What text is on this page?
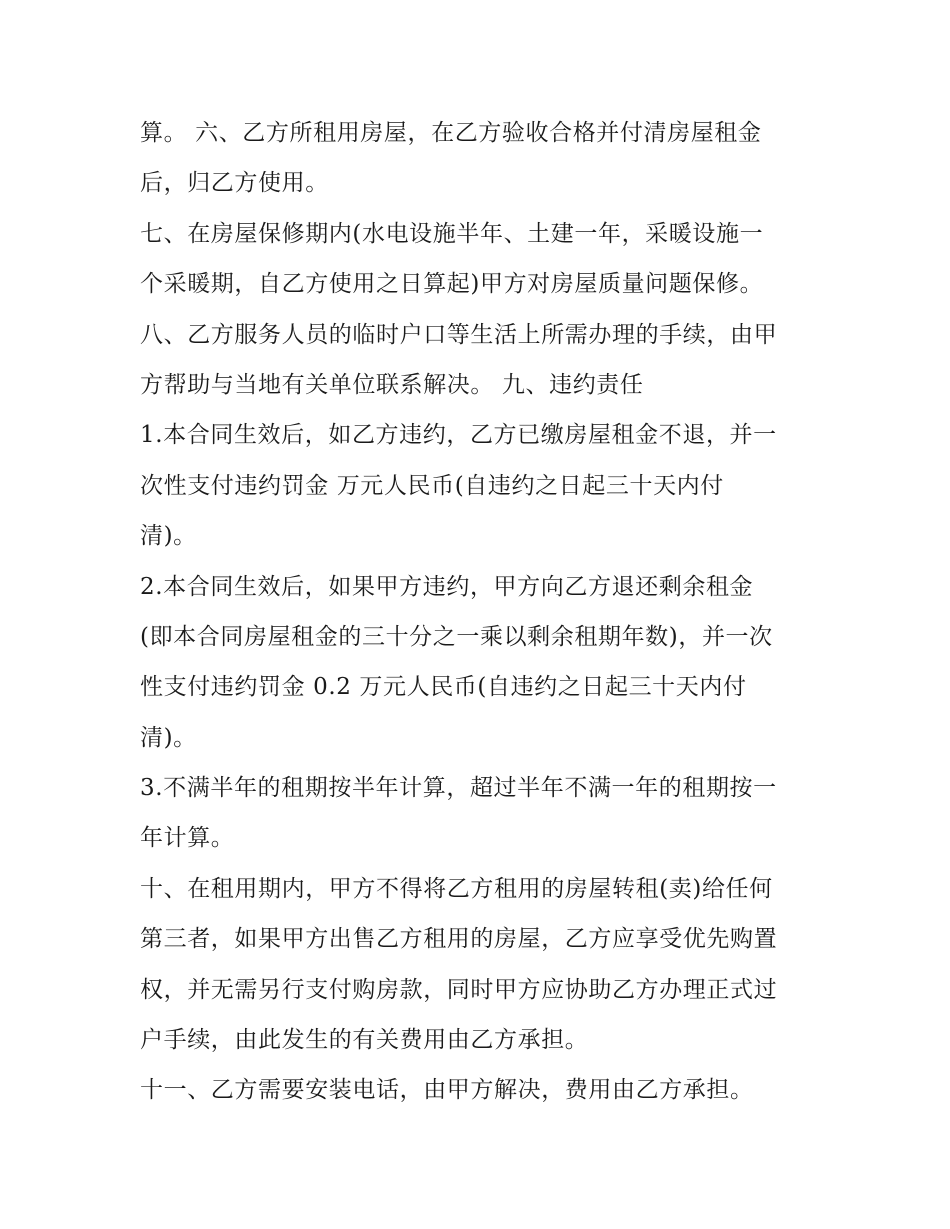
算。 六、乙方所租用房屋，在乙方验收合格并付清房屋租金
后，归乙方使用。
七、在房屋保修期内(水电设施半年、土建一年，采暖设施一
个采暖期，自乙方使用之日算起)甲方对房屋质量问题保修。
八、乙方服务人员的临时户口等生活上所需办理的手续，由甲
方帮助与当地有关单位联系解决。 九、违约责任
1.本合同生效后，如乙方违约，乙方已缴房屋租金不退，并一
次性支付违约罚金 万元人民币(自违约之日起三十天内付
清)。
2.本合同生效后，如果甲方违约，甲方向乙方退还剩余租金
(即本合同房屋租金的三十分之一乘以剩余租期年数)，并一次
性支付违约罚金 0.2 万元人民币(自违约之日起三十天内付
清)。
3.不满半年的租期按半年计算，超过半年不满一年的租期按一
年计算。
十、在租用期内，甲方不得将乙方租用的房屋转租(卖)给任何
第三者，如果甲方出售乙方租用的房屋，乙方应享受优先购置
权，并无需另行支付购房款，同时甲方应协助乙方办理正式过
户手续，由此发生的有关费用由乙方承担。
十一、乙方需要安装电话，由甲方解决，费用由乙方承担。
